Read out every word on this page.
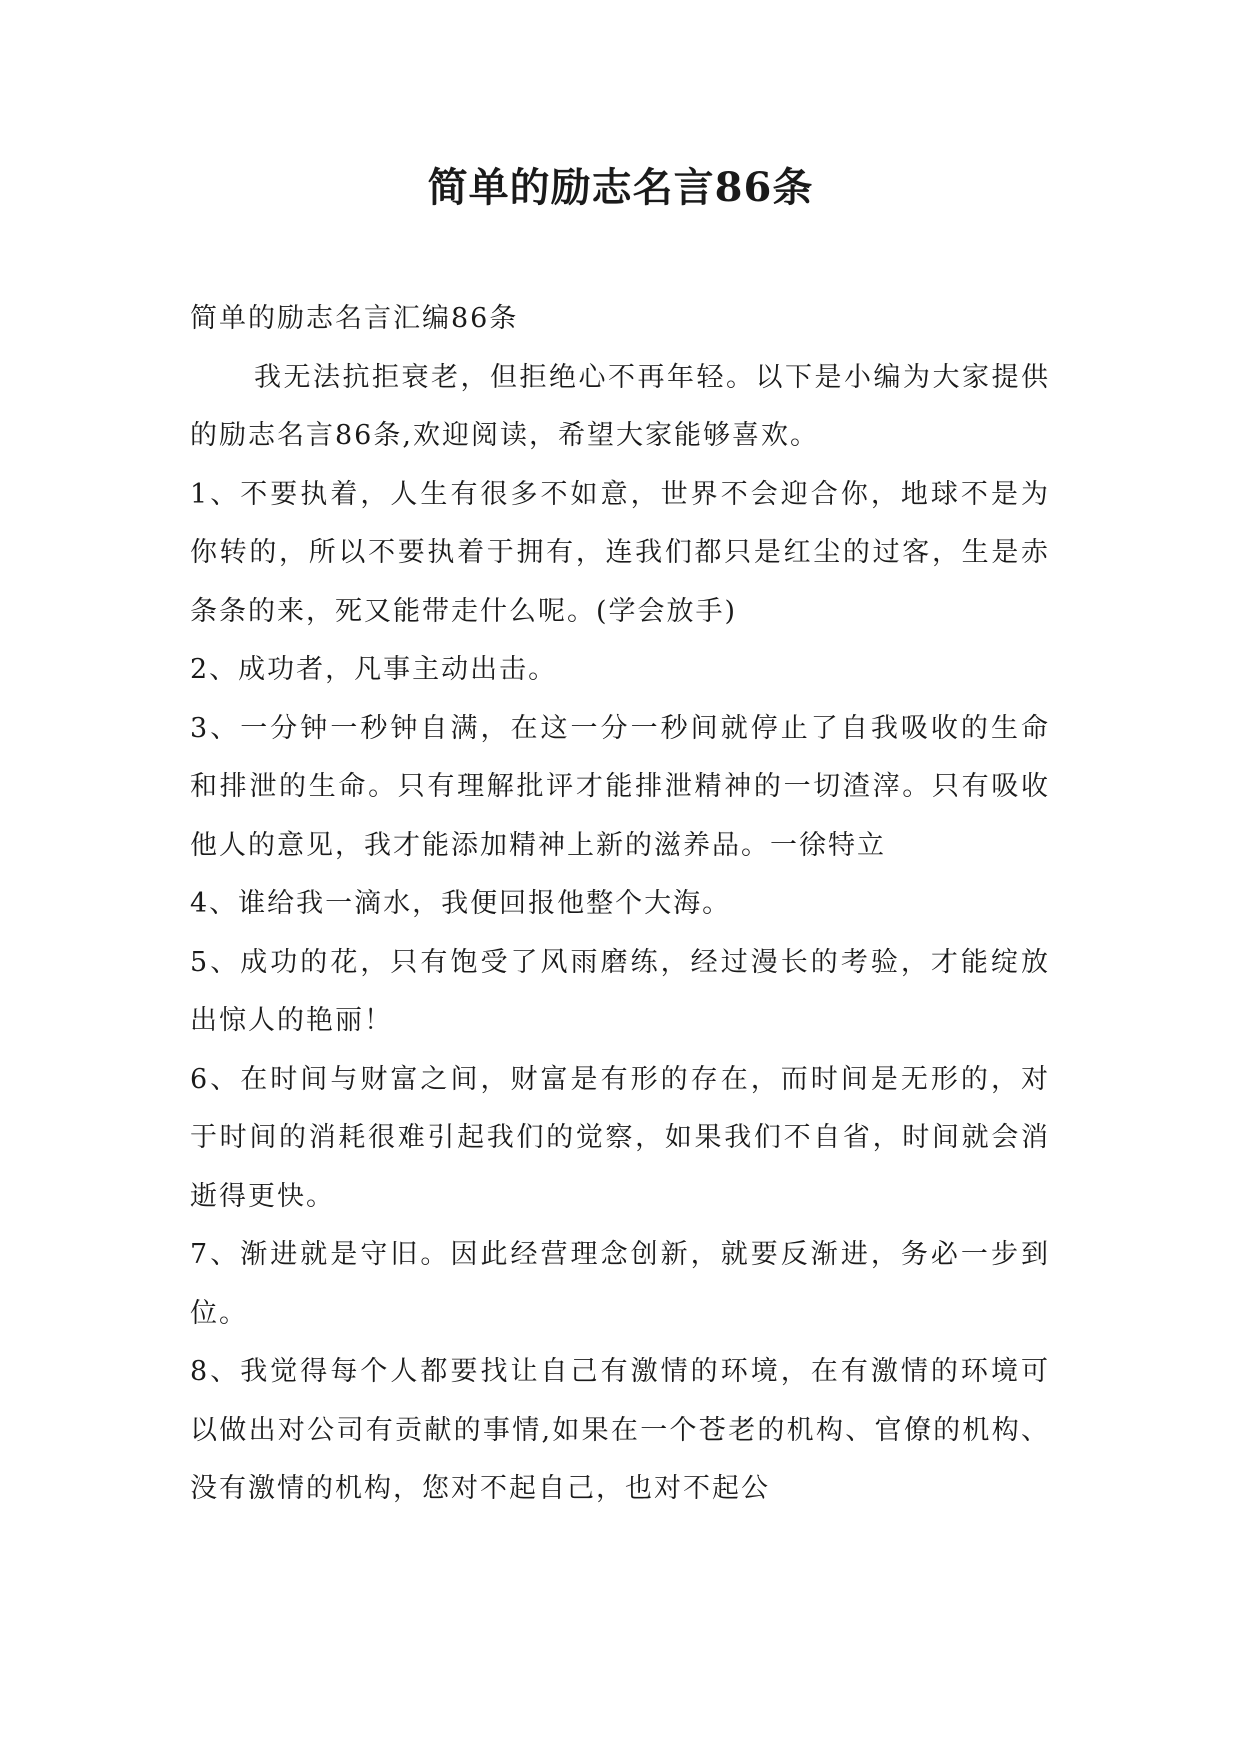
简单的励志名言86条

简单的励志名言汇编86条

我无法抗拒衰老，但拒绝心不再年轻。以下是小编为大家提供的励志名言86条,欢迎阅读，希望大家能够喜欢。

1、不要执着，人生有很多不如意，世界不会迎合你，地球不是为你转的，所以不要执着于拥有，连我们都只是红尘的过客，生是赤条条的来，死又能带走什么呢。(学会放手)

2、成功者，凡事主动出击。

3、一分钟一秒钟自满，在这一分一秒间就停止了自我吸收的生命和排泄的生命。只有理解批评才能排泄精神的一切渣滓。只有吸收他人的意见，我才能添加精神上新的滋养品。一徐特立

4、谁给我一滴水，我便回报他整个大海。

5、成功的花，只有饱受了风雨磨练，经过漫长的考验，才能绽放出惊人的艳丽！

6、在时间与财富之间，财富是有形的存在，而时间是无形的，对于时间的消耗很难引起我们的觉察，如果我们不自省，时间就会消逝得更快。

7、渐进就是守旧。因此经营理念创新，就要反渐进，务必一步到位。

8、我觉得每个人都要找让自己有激情的环境，在有激情的环境可以做出对公司有贡献的事情,如果在一个苍老的机构、官僚的机构、没有激情的机构，您对不起自己，也对不起公
